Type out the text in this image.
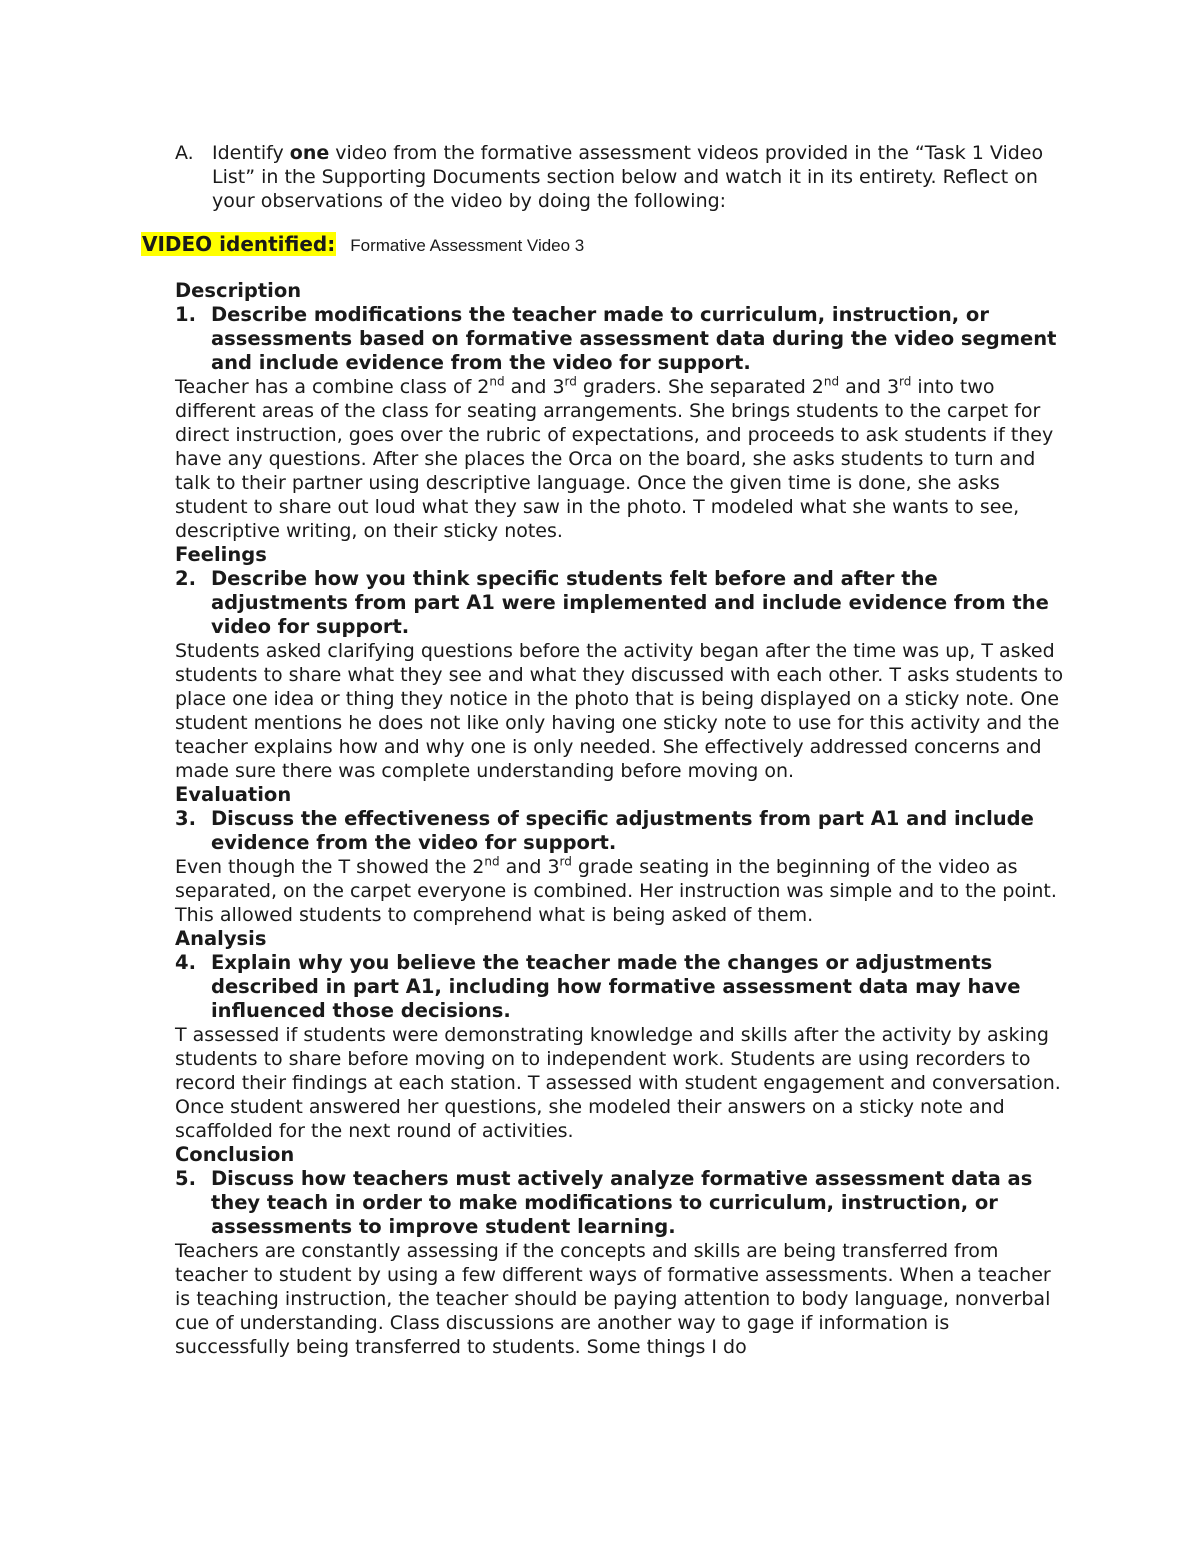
A. Identify one video from the formative assessment videos provided in the “Task 1 Video List” in the Supporting Documents section below and watch it in its entirety. Reflect on your observations of the video by doing the following:
VIDEO identified: Formative Assessment Video 3
Description
1. Describe modifications the teacher made to curriculum, instruction, or assessments based on formative assessment data during the video segment and include evidence from the video for support.
Teacher has a combine class of 2nd and 3rd graders. She separated 2nd and 3rd into two different areas of the class for seating arrangements. She brings students to the carpet for direct instruction, goes over the rubric of expectations, and proceeds to ask students if they have any questions. After she places the Orca on the board, she asks students to turn and talk to their partner using descriptive language. Once the given time is done, she asks student to share out loud what they saw in the photo. T modeled what she wants to see, descriptive writing, on their sticky notes.
Feelings
2. Describe how you think specific students felt before and after the adjustments from part A1 were implemented and include evidence from the video for support.
Students asked clarifying questions before the activity began after the time was up, T asked students to share what they see and what they discussed with each other. T asks students to place one idea or thing they notice in the photo that is being displayed on a sticky note. One student mentions he does not like only having one sticky note to use for this activity and the teacher explains how and why one is only needed. She effectively addressed concerns and made sure there was complete understanding before moving on.
Evaluation
3. Discuss the effectiveness of specific adjustments from part A1 and include evidence from the video for support.
Even though the T showed the 2nd and 3rd grade seating in the beginning of the video as separated, on the carpet everyone is combined. Her instruction was simple and to the point. This allowed students to comprehend what is being asked of them.
Analysis
4. Explain why you believe the teacher made the changes or adjustments described in part A1, including how formative assessment data may have influenced those decisions.
T assessed if students were demonstrating knowledge and skills after the activity by asking students to share before moving on to independent work. Students are using recorders to record their findings at each station. T assessed with student engagement and conversation. Once student answered her questions, she modeled their answers on a sticky note and scaffolded for the next round of activities.
Conclusion
5. Discuss how teachers must actively analyze formative assessment data as they teach in order to make modifications to curriculum, instruction, or assessments to improve student learning.
Teachers are constantly assessing if the concepts and skills are being transferred from teacher to student by using a few different ways of formative assessments. When a teacher is teaching instruction, the teacher should be paying attention to body language, nonverbal cue of understanding. Class discussions are another way to gage if information is successfully being transferred to students. Some things I do
